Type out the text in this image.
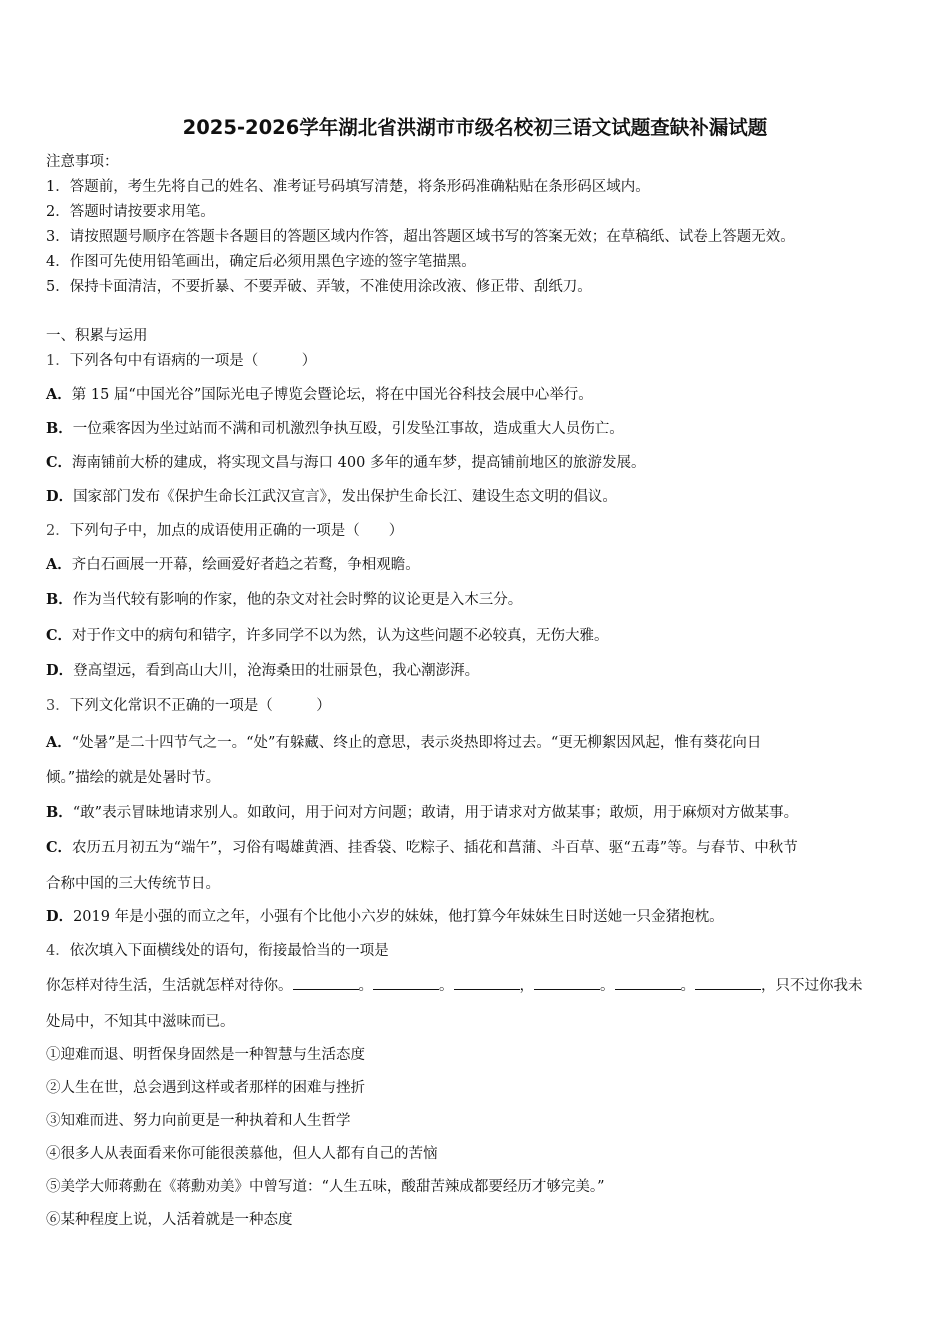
2025-2026学年湖北省洪湖市市级名校初三语文试题查缺补漏试题
注意事项：
1．答题前，考生先将自己的姓名、准考证号码填写清楚，将条形码准确粘贴在条形码区域内。
2．答题时请按要求用笔。
3．请按照题号顺序在答题卡各题目的答题区域内作答，超出答题区域书写的答案无效；在草稿纸、试卷上答题无效。
4．作图可先使用铅笔画出，确定后必须用黑色字迹的签字笔描黑。
5．保持卡面清洁，不要折暴、不要弄破、弄皱，不准使用涂改液、修正带、刮纸刀。
一、积累与运用
1．下列各句中有语病的一项是（　　　）
A．第 15 届“中国光谷”国际光电子博览会暨论坛，将在中国光谷科技会展中心举行。
B．一位乘客因为坐过站而不满和司机激烈争执互殴，引发坠江事故，造成重大人员伤亡。
C．海南铺前大桥的建成，将实现文昌与海口 400 多年的通车梦，提高铺前地区的旅游发展。
D．国家部门发布《保护生命长江武汉宣言》，发出保护生命长江、建设生态文明的倡议。
2．下列句子中，加点的成语使用正确的一项是（　　）
A．齐白石画展一开幕，绘画爱好者趋之若鹜，争相观瞻。
B．作为当代较有影响的作家，他的杂文对社会时弊的议论更是入木三分。
C．对于作文中的病句和错字，许多同学不以为然，认为这些问题不必较真，无伤大雅。
D．登高望远，看到高山大川，沧海桑田的壮丽景色，我心潮澎湃。
3．下列文化常识不正确的一项是（　　　）
A．“处暑”是二十四节气之一。“处”有躲藏、终止的意思，表示炎热即将过去。“更无柳絮因风起，惟有葵花向日
倾。”描绘的就是处暑时节。
B．“敢”表示冒昧地请求别人。如敢问，用于问对方问题；敢请，用于请求对方做某事；敢烦，用于麻烦对方做某事。
C．农历五月初五为“端午”，习俗有喝雄黄酒、挂香袋、吃粽子、插花和菖蒲、斗百草、驱“五毒”等。与春节、中秋节
合称中国的三大传统节日。
D．2019 年是小强的而立之年，小强有个比他小六岁的妹妹，他打算今年妹妹生日时送她一只金猪抱枕。
4．依次填入下面横线处的语句，衔接最恰当的一项是
你怎样对待生活，生活就怎样对待你。	。	。	，	。	。	，只不过你我未
处局中，不知其中滋味而已。
①迎难而退、明哲保身固然是一种智慧与生活态度
②人生在世，总会遇到这样或者那样的困难与挫折
③知难而进、努力向前更是一种执着和人生哲学
④很多人从表面看来你可能很羡慕他，但人人都有自己的苦恼
⑤美学大师蒋勳在《蒋勳劝美》中曾写道：“人生五味，酸甜苦辣成都要经历才够完美。”
⑥某种程度上说，人活着就是一种态度
